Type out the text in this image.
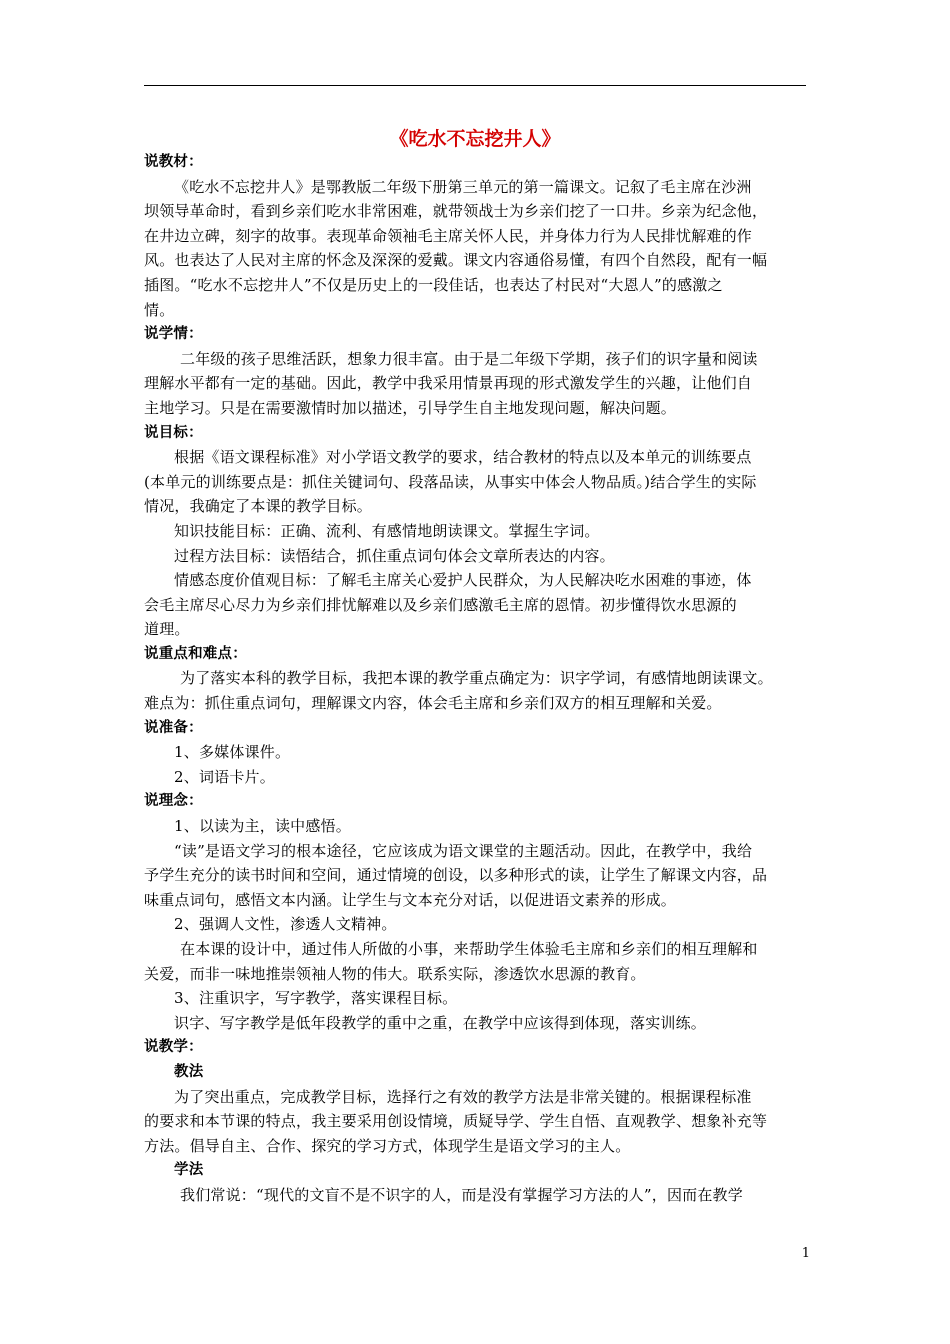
《吃水不忘挖井人》
说教材：
《吃水不忘挖井人》是鄂教版二年级下册第三单元的第一篇课文。记叙了毛主席在沙洲
坝领导革命时，看到乡亲们吃水非常困难，就带领战士为乡亲们挖了一口井。乡亲为纪念他，
在井边立碑，刻字的故事。表现革命领袖毛主席关怀人民，并身体力行为人民排忧解难的作
风。也表达了人民对主席的怀念及深深的爱戴。课文内容通俗易懂，有四个自然段，配有一幅
插图。“吃水不忘挖井人”不仅是历史上的一段佳话，也表达了村民对“大恩人”的感激之
情。
说学情：
二年级的孩子思维活跃，想象力很丰富。由于是二年级下学期，孩子们的识字量和阅读
理解水平都有一定的基础。因此，教学中我采用情景再现的形式激发学生的兴趣，让他们自
主地学习。只是在需要激情时加以描述，引导学生自主地发现问题，解决问题。
说目标：
根据《语文课程标准》对小学语文教学的要求，结合教材的特点以及本单元的训练要点
(本单元的训练要点是：抓住关键词句、段落品读，从事实中体会人物品质。)结合学生的实际
情况，我确定了本课的教学目标。
知识技能目标：正确、流利、有感情地朗读课文。掌握生字词。
过程方法目标：读悟结合，抓住重点词句体会文章所表达的内容。
情感态度价值观目标：了解毛主席关心爱护人民群众，为人民解决吃水困难的事迹，体
会毛主席尽心尽力为乡亲们排忧解难以及乡亲们感激毛主席的恩情。初步懂得饮水思源的
道理。
说重点和难点：
为了落实本科的教学目标，我把本课的教学重点确定为：识字学词，有感情地朗读课文。
难点为：抓住重点词句，理解课文内容，体会毛主席和乡亲们双方的相互理解和关爱。
说准备：
1、多媒体课件。
2、词语卡片。
说理念：
1、以读为主，读中感悟。
“读”是语文学习的根本途径，它应该成为语文课堂的主题活动。因此，在教学中，我给
予学生充分的读书时间和空间，通过情境的创设，以多种形式的读，让学生了解课文内容，品
味重点词句，感悟文本内涵。让学生与文本充分对话，以促进语文素养的形成。
2、强调人文性，渗透人文精神。
在本课的设计中，通过伟人所做的小事，来帮助学生体验毛主席和乡亲们的相互理解和
关爱，而非一味地推崇领袖人物的伟大。联系实际，渗透饮水思源的教育。
3、注重识字，写字教学，落实课程目标。
识字、写字教学是低年段教学的重中之重，在教学中应该得到体现，落实训练。
说教学：
教法
为了突出重点，完成教学目标，选择行之有效的教学方法是非常关键的。根据课程标准
的要求和本节课的特点，我主要采用创设情境，质疑导学、学生自悟、直观教学、想象补充等
方法。倡导自主、合作、探究的学习方式，体现学生是语文学习的主人。
学法
我们常说：“现代的文盲不是不识字的人，而是没有掌握学习方法的人”，因而在教学
1
